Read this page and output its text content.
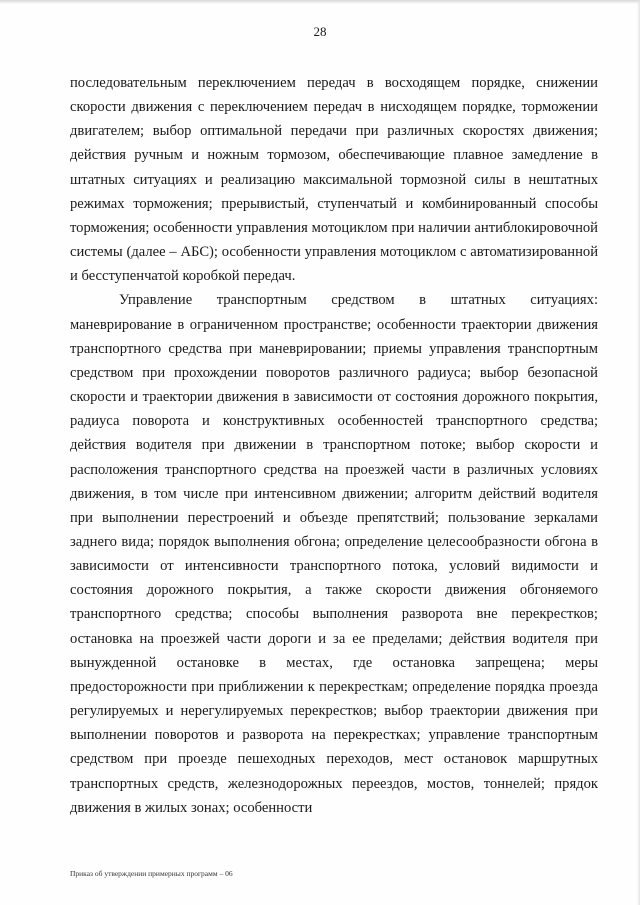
28

последовательным переключением передач в восходящем порядке, снижении скорости движения с переключением передач в нисходящем порядке, торможении двигателем; выбор оптимальной передачи при различных скоростях движения; действия ручным и ножным тормозом, обеспечивающие плавное замедление в штатных ситуациях и реализацию максимальной тормозной силы в нештатных режимах торможения; прерывистый, ступенчатый и комбинированный способы торможения; особенности управления мотоциклом при наличии антиблокировочной системы (далее – АБС); особенности управления мотоциклом с автоматизированной и бесступенчатой коробкой передач.

Управление транспортным средством в штатных ситуациях: маневрирование в ограниченном пространстве; особенности траектории движения транспортного средства при маневрировании; приемы управления транспортным средством при прохождении поворотов различного радиуса; выбор безопасной скорости и траектории движения в зависимости от состояния дорожного покрытия, радиуса поворота и конструктивных особенностей транспортного средства; действия водителя при движении в транспортном потоке; выбор скорости и расположения транспортного средства на проезжей части в различных условиях движения, в том числе при интенсивном движении; алгоритм действий водителя при выполнении перестроений и объезде препятствий; пользование зеркалами заднего вида; порядок выполнения обгона; определение целесообразности обгона в зависимости от интенсивности транспортного потока, условий видимости и состояния дорожного покрытия, а также скорости движения обгоняемого транспортного средства; способы выполнения разворота вне перекрестков; остановка на проезжей части дороги и за ее пределами; действия водителя при вынужденной остановке в местах, где остановка запрещена; меры предосторожности при приближении к перекресткам; определение порядка проезда регулируемых и нерегулируемых перекрестков; выбор траектории движения при выполнении поворотов и разворота на перекрестках; управление транспортным средством при проезде пешеходных переходов, мест остановок маршрутных транспортных средств, железнодорожных переездов, мостов, тоннелей; прядок движения в жилых зонах; особенности

Приказ об утверждении примерных программ – 06
